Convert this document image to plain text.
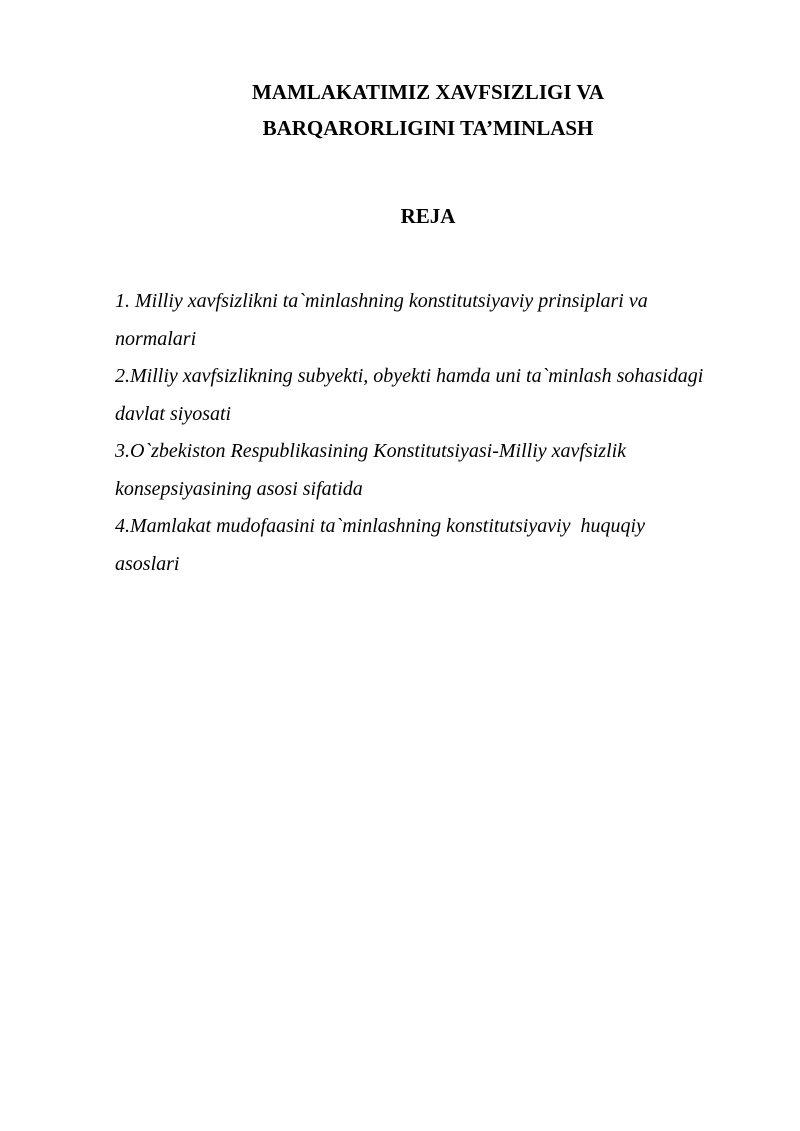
MAMLAKATIMIZ XAVFSIZLIGI VA
BARQARORLIGINI TA’MINLASH
REJA
1. Milliy xavfsizlikni ta`minlashning konstitutsiyaviy prinsiplari va normalari
2.Milliy xavfsizlikning subyekti, obyekti hamda uni ta`minlash sohasidagi davlat siyosati
3.O`zbekiston Respublikasining Konstitutsiyasi-Milliy xavfsizlik konsepsiyasining asosi sifatida
4.Mamlakat mudofaasini ta`minlashning konstitutsiyaviy  huquqiy asoslari
